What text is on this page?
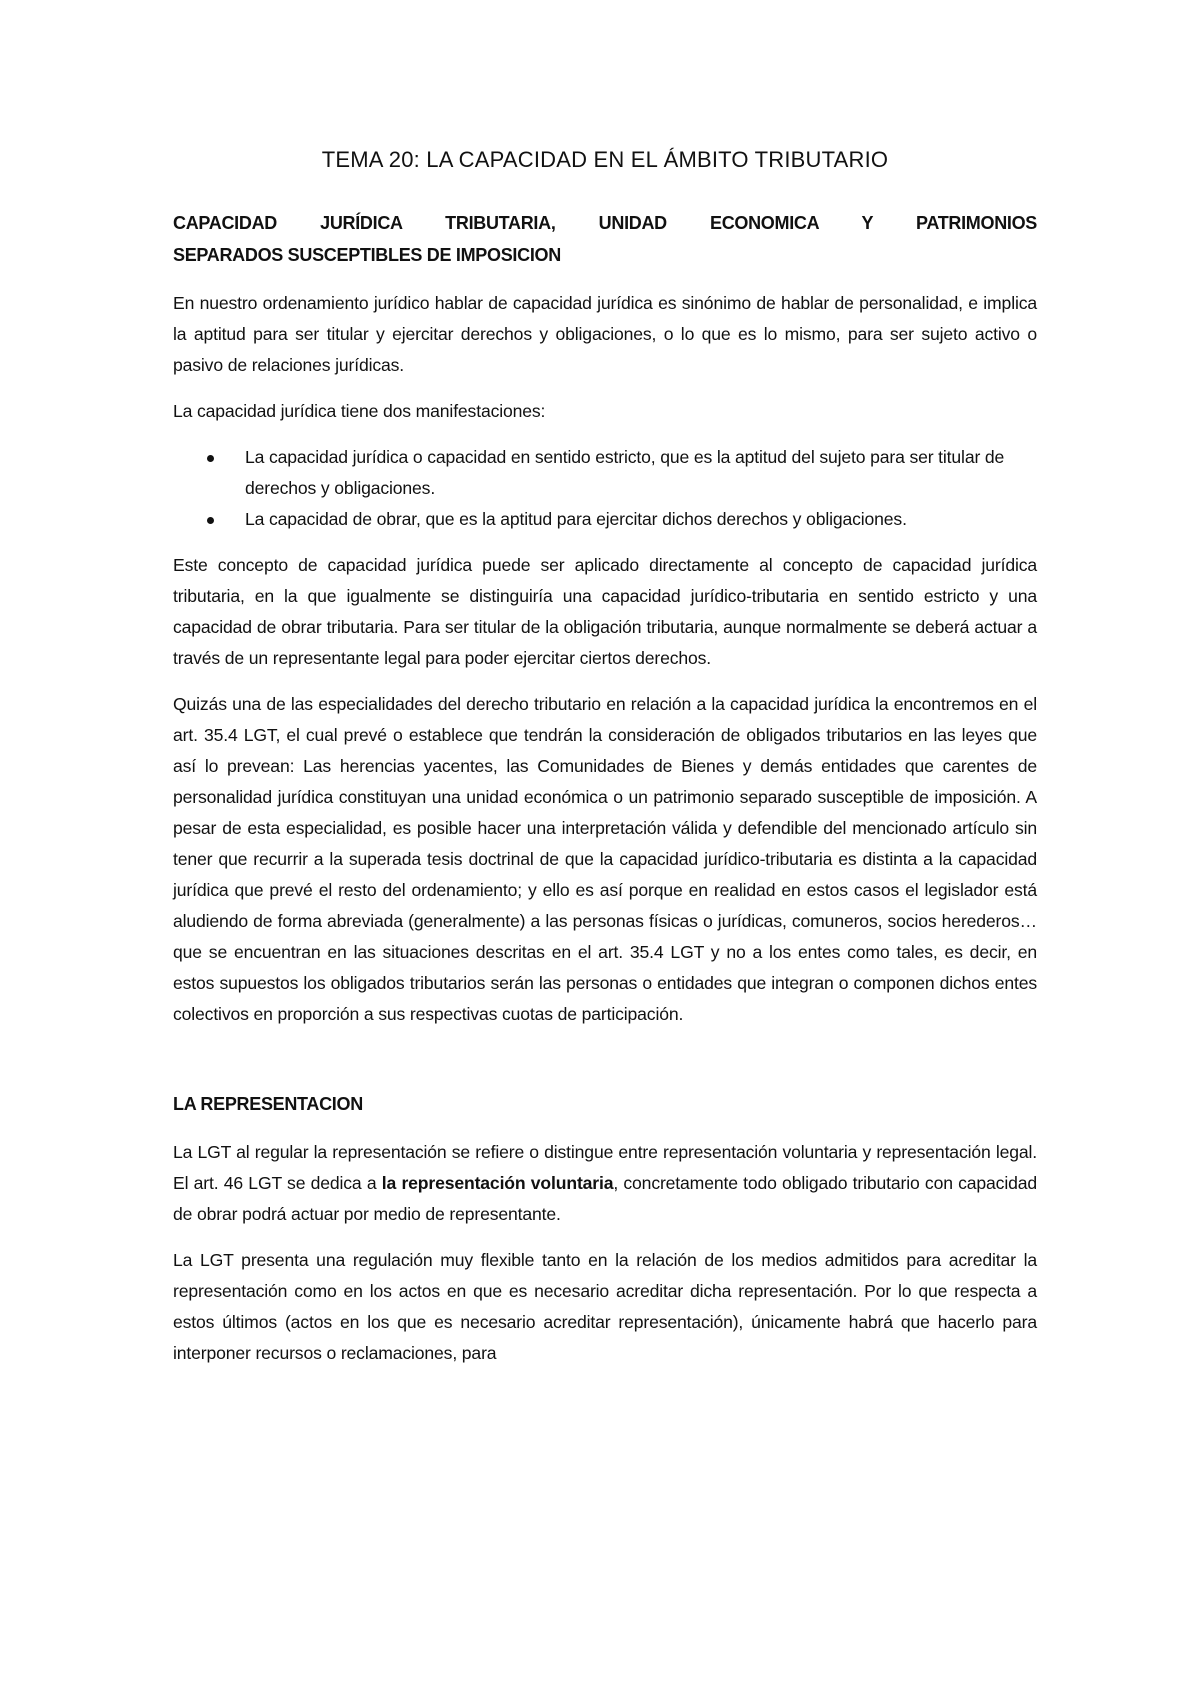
TEMA 20: LA CAPACIDAD EN EL ÁMBITO TRIBUTARIO
CAPACIDAD JURÍDICA TRIBUTARIA, UNIDAD ECONOMICA Y PATRIMONIOS
SEPARADOS SUSCEPTIBLES DE IMPOSICION

En nuestro ordenamiento jurídico hablar de capacidad jurídica es sinónimo de hablar de personalidad, e implica la aptitud para ser titular y ejercitar derechos y obligaciones, o lo que es lo mismo, para ser sujeto activo o pasivo de relaciones jurídicas.

La capacidad jurídica tiene dos manifestaciones:

La capacidad jurídica o capacidad en sentido estricto, que es la aptitud del sujeto para ser titular de derechos y obligaciones.
La capacidad de obrar, que es la aptitud para ejercitar dichos derechos y obligaciones.

Este concepto de capacidad jurídica puede ser aplicado directamente al concepto de capacidad jurídica tributaria, en la que igualmente se distinguiría una capacidad jurídico-tributaria en sentido estricto y una capacidad de obrar tributaria. Para ser titular de la obligación tributaria, aunque normalmente se deberá actuar a través de un representante legal para poder ejercitar ciertos derechos.

Quizás una de las especialidades del derecho tributario en relación a la capacidad jurídica la encontremos en el art. 35.4 LGT, el cual prevé o establece que tendrán la consideración de obligados tributarios en las leyes que así lo prevean: Las herencias yacentes, las Comunidades de Bienes y demás entidades que carentes de personalidad jurídica constituyan una unidad económica o un patrimonio separado susceptible de imposición. A pesar de esta especialidad, es posible hacer una interpretación válida y defendible del mencionado artículo sin tener que recurrir a la superada tesis doctrinal de que la capacidad jurídico-tributaria es distinta a la capacidad jurídica que prevé el resto del ordenamiento; y ello es así porque en realidad en estos casos el legislador está aludiendo de forma abreviada (generalmente) a las personas físicas o jurídicas, comuneros, socios herederos… que se encuentran en las situaciones descritas en el art. 35.4 LGT y no a los entes como tales, es decir, en estos supuestos los obligados tributarios serán las personas o entidades que integran o componen dichos entes colectivos en proporción a sus respectivas cuotas de participación.

LA REPRESENTACION

La LGT al regular la representación se refiere o distingue entre representación voluntaria y representación legal. El art. 46 LGT se dedica a la representación voluntaria, concretamente todo obligado tributario con capacidad de obrar podrá actuar por medio de representante.

La LGT presenta una regulación muy flexible tanto en la relación de los medios admitidos para acreditar la representación como en los actos en que es necesario acreditar dicha representación. Por lo que respecta a estos últimos (actos en los que es necesario acreditar representación), únicamente habrá que hacerlo para interponer recursos o reclamaciones, para
